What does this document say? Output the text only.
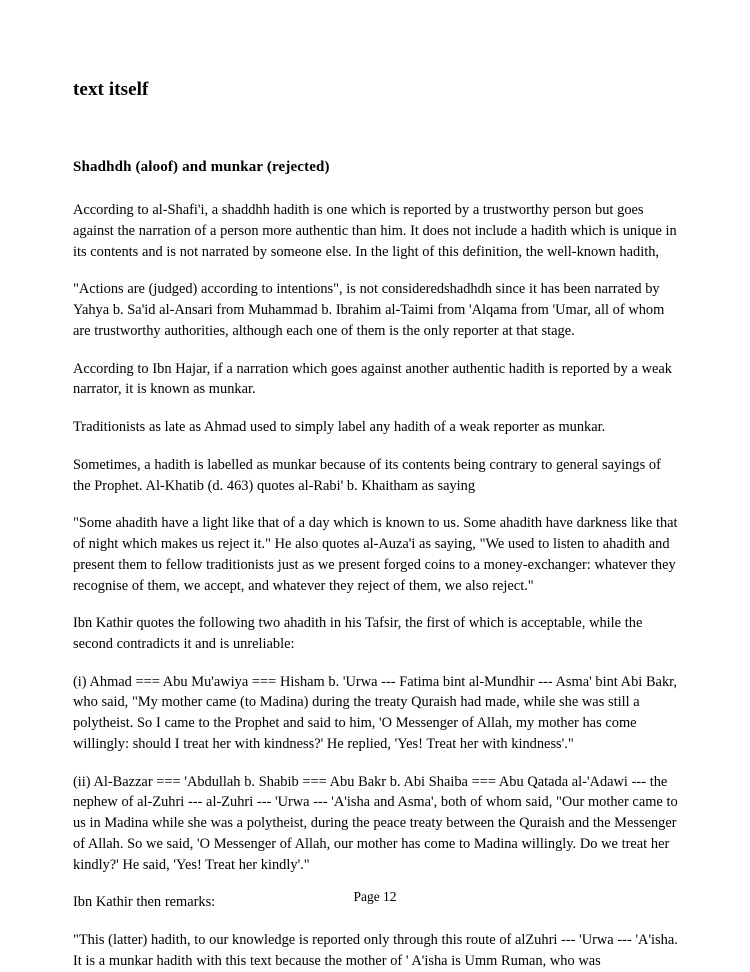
text itself
Shadhdh (aloof) and munkar (rejected)

According to al-Shafi'i, a shaddhh hadith is one which is reported by a trustworthy person but goes against the narration of a person more authentic than him. It does not include a hadith which is unique in its contents and is not narrated by someone else. In the light of this definition, the well-known hadith,

"Actions are (judged) according to intentions", is not consideredshadhdh since it has been narrated by Yahya b. Sa'id al-Ansari from Muhammad b. Ibrahim al-Taimi from 'Alqama from 'Umar, all of whom are trustworthy authorities, although each one of them is the only reporter at that stage.

According to Ibn Hajar, if a narration which goes against another authentic hadith is reported by a weak narrator, it is known as munkar.

Traditionists as late as Ahmad used to simply label any hadith of a weak reporter as munkar.

Sometimes, a hadith is labelled as munkar because of its contents being contrary to general sayings of the Prophet. Al-Khatib (d. 463) quotes al-Rabi' b. Khaitham as saying

"Some ahadith have a light like that of a day which is known to us. Some ahadith have darkness like that of night which makes us reject it." He also quotes al-Auza'i as saying, "We used to listen to ahadith and present them to fellow traditionists just as we present forged coins to a money-exchanger: whatever they recognise of them, we accept, and whatever they reject of them, we also reject."

Ibn Kathir quotes the following two ahadith in his Tafsir, the first of which is acceptable, while the second contradicts it and is unreliable:

(i) Ahmad === Abu Mu'awiya === Hisham b. 'Urwa --- Fatima bint al-Mundhir --- Asma' bint Abi Bakr, who said, "My mother came (to Madina) during the treaty Quraish had made, while she was still a polytheist. So I came to the Prophet and said to him, 'O Messenger of Allah, my mother has come willingly: should I treat her with kindness?' He replied, 'Yes! Treat her with kindness'."

(ii) Al-Bazzar === 'Abdullah b. Shabib === Abu Bakr b. Abi Shaiba === Abu Qatada al-'Adawi --- the nephew of al-Zuhri --- al-Zuhri --- 'Urwa --- 'A'isha and Asma', both of whom said, "Our mother came to us in Madina while she was a polytheist, during the peace treaty between the Quraish and the Messenger of Allah. So we said, 'O Messenger of Allah, our mother has come to Madina willingly. Do we treat her kindly?' He said, 'Yes! Treat her kindly'."

Ibn Kathir then remarks:

"This (latter) hadith, to our knowledge is reported only through this route of alZuhri --- 'Urwa --- 'A'isha. It is a munkar hadith with this text because the mother of ' A'isha is Umm Ruman, who was

Page 12
